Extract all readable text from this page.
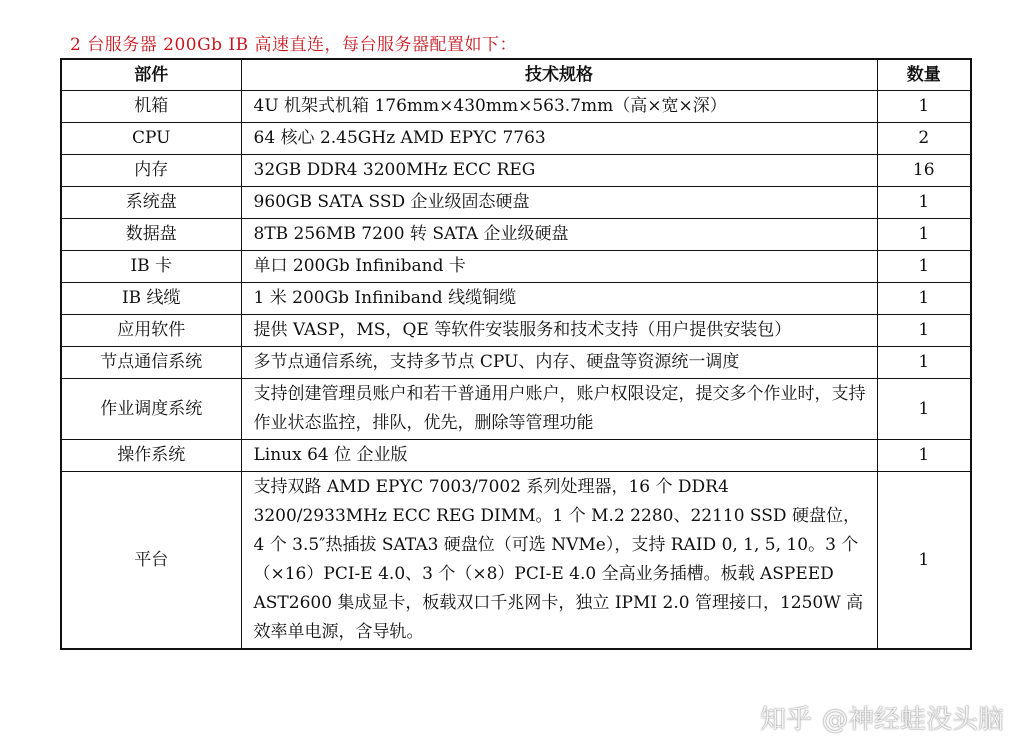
2 台服务器 200Gb IB 高速直连，每台服务器配置如下：
部件	技术规格	数量
机箱	4U 机架式机箱 176mm×430mm×563.7mm（高×宽×深）	1
CPU	64 核心 2.45GHz AMD EPYC 7763	2
内存	32GB DDR4 3200MHz ECC REG	16
系统盘	960GB SATA SSD 企业级固态硬盘	1
数据盘	8TB 256MB 7200 转 SATA 企业级硬盘	1
IB 卡	单口 200Gb Infiniband 卡	1
IB 线缆	1 米 200Gb Infiniband 线缆铜缆	1
应用软件	提供 VASP，MS，QE 等软件安装服务和技术支持（用户提供安装包）	1
节点通信系统	多节点通信系统，支持多节点 CPU、内存、硬盘等资源统一调度	1
作业调度系统	支持创建管理员账户和若干普通用户账户，账户权限设定，提交多个作业时，支持作业状态监控，排队，优先，删除等管理功能	1
操作系统	Linux 64 位 企业版	1
平台	支持双路 AMD EPYC 7003/7002 系列处理器，16 个 DDR4 3200/2933MHz ECC REG DIMM。1 个 M.2 2280、22110 SSD 硬盘位，4 个 3.5″热插拔 SATA3 硬盘位（可选 NVMe），支持 RAID 0, 1, 5, 10。3 个（×16）PCI-E 4.0、3 个（×8）PCI-E 4.0 全高业务插槽。板载 ASPEED AST2600 集成显卡，板载双口千兆网卡，独立 IPMI 2.0 管理接口，1250W 高效率单电源，含导轨。	1
知乎 @神经蛙没头脑
